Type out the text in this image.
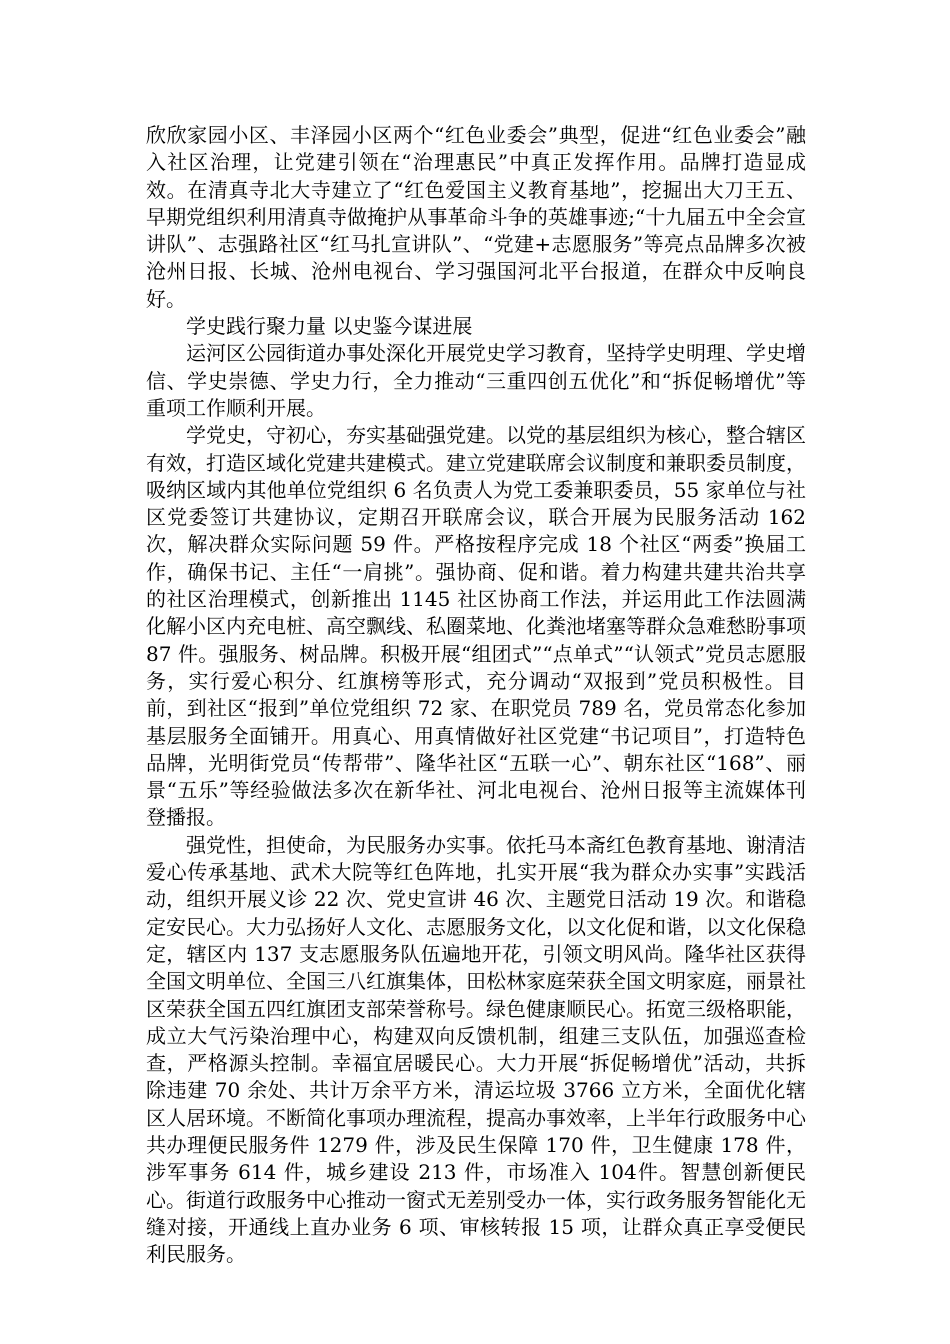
欣欣家园小区、丰泽园小区两个“红色业委会”典型，促进“红色业委会”融入社区治理，让党建引领在“治理惠民”中真正发挥作用。品牌打造显成效。在清真寺北大寺建立了“红色爱国主义教育基地”，挖掘出大刀王五、早期党组织利用清真寺做掩护从事革命斗争的英雄事迹;“十九届五中全会宣讲队”、志强路社区“红马扎宣讲队”、“党建+志愿服务”等亮点品牌多次被沧州日报、长城、沧州电视台、学习强国河北平台报道，在群众中反响良好。

学史践行聚力量 以史鉴今谋进展

运河区公园街道办事处深化开展党史学习教育，坚持学史明理、学史增信、学史崇德、学史力行，全力推动“三重四创五优化”和“拆促畅增优”等重项工作顺利开展。

学党史，守初心，夯实基础强党建。以党的基层组织为核心，整合辖区有效，打造区域化党建共建模式。建立党建联席会议制度和兼职委员制度，吸纳区域内其他单位党组织 6 名负责人为党工委兼职委员，55 家单位与社区党委签订共建协议，定期召开联席会议，联合开展为民服务活动 162 次，解决群众实际问题 59 件。严格按程序完成 18 个社区“两委”换届工作，确保书记、主任“一肩挑”。强协商、促和谐。着力构建共建共治共享的社区治理模式，创新推出 1145 社区协商工作法，并运用此工作法圆满化解小区内充电桩、高空飘线、私圈菜地、化粪池堵塞等群众急难愁盼事项 87 件。强服务、树品牌。积极开展“组团式”“点单式”“认领式”党员志愿服务，实行爱心积分、红旗榜等形式，充分调动“双报到”党员积极性。目前，到社区“报到”单位党组织 72 家、在职党员 789 名，党员常态化参加基层服务全面铺开。用真心、用真情做好社区党建“书记项目”，打造特色品牌，光明街党员“传帮带”、隆华社区“五联一心”、朝东社区“168”、丽景“五乐”等经验做法多次在新华社、河北电视台、沧州日报等主流媒体刊登播报。

强党性，担使命，为民服务办实事。依托马本斋红色教育基地、谢清洁爱心传承基地、武术大院等红色阵地，扎实开展“我为群众办实事”实践活动，组织开展义诊 22 次、党史宣讲 46 次、主题党日活动 19 次。和谐稳定安民心。大力弘扬好人文化、志愿服务文化，以文化促和谐，以文化保稳定，辖区内 137 支志愿服务队伍遍地开花，引领文明风尚。隆华社区获得全国文明单位、全国三八红旗集体，田松林家庭荣获全国文明家庭，丽景社区荣获全国五四红旗团支部荣誉称号。绿色健康顺民心。拓宽三级格职能，成立大气污染治理中心，构建双向反馈机制，组建三支队伍，加强巡查检查，严格源头控制。幸福宜居暖民心。大力开展“拆促畅增优”活动，共拆除违建 70 余处、共计万余平方米，清运垃圾 3766 立方米，全面优化辖区人居环境。不断简化事项办理流程，提高办事效率，上半年行政服务中心共办理便民服务件 1279 件，涉及民生保障 170 件，卫生健康 178 件，涉军事务 614 件，城乡建设 213 件，市场准入 104件。智慧创新便民心。街道行政服务中心推动一窗式无差别受办一体，实行政务服务智能化无缝对接，开通线上直办业务 6 项、审核转报 15 项，让群众真正享受便民利民服务。
